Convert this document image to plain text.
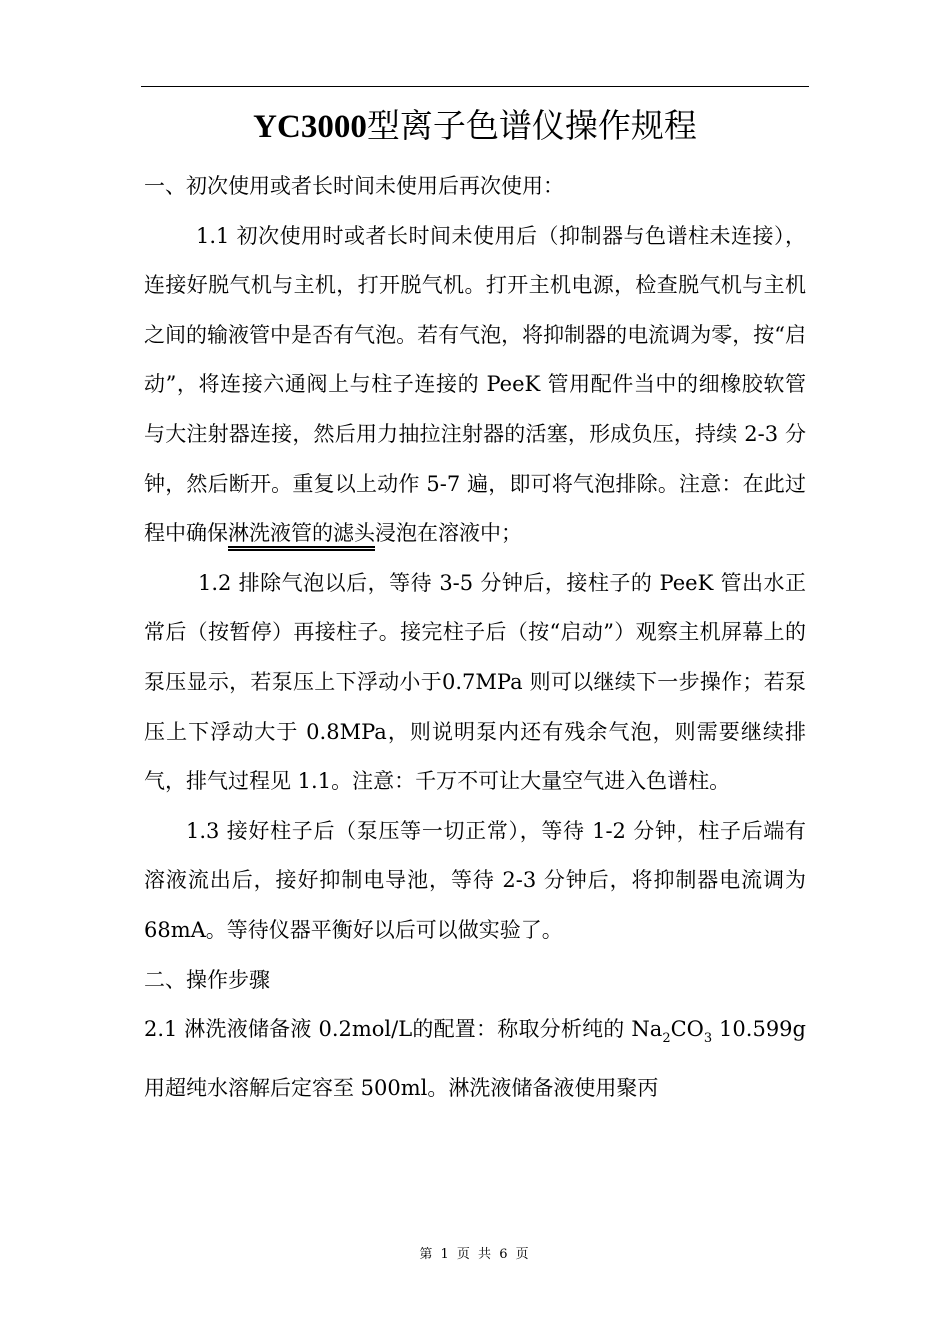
YC3000型离子色谱仪操作规程

一、初次使用或者长时间未使用后再次使用：

1.1 初次使用时或者长时间未使用后（抑制器与色谱柱未连接），连接好脱气机与主机，打开脱气机。打开主机电源，检查脱气机与主机之间的输液管中是否有气泡。若有气泡，将抑制器的电流调为零，按“启动”，将连接六通阀上与柱子连接的 PeeK 管用配件当中的细橡胶软管与大注射器连接，然后用力抽拉注射器的活塞，形成负压，持续 2-3 分钟，然后断开。重复以上动作 5-7 遍，即可将气泡排除。注意：在此过程中确保淋洗液管的滤头浸泡在溶液中；

1.2 排除气泡以后，等待 3-5 分钟后，接柱子的 PeeK 管出水正常后（按暂停）再接柱子。接完柱子后（按“启动”）观察主机屏幕上的泵压显示，若泵压上下浮动小于0.7MPa 则可以继续下一步操作；若泵压上下浮动大于 0.8MPa，则说明泵内还有残余气泡，则需要继续排气，排气过程见 1.1。注意：千万不可让大量空气进入色谱柱。

1.3 接好柱子后（泵压等一切正常），等待 1-2 分钟，柱子后端有溶液流出后，接好抑制电导池，等待 2-3 分钟后，将抑制器电流调为 68mA。等待仪器平衡好以后可以做实验了。

二、操作步骤

2.1 淋洗液储备液 0.2mol/L的配置：称取分析纯的 $Na_2CO_3$ 10.599g 用超纯水溶解后定容至 500ml。淋洗液储备液使用聚丙

第 1 页 共 6 页
